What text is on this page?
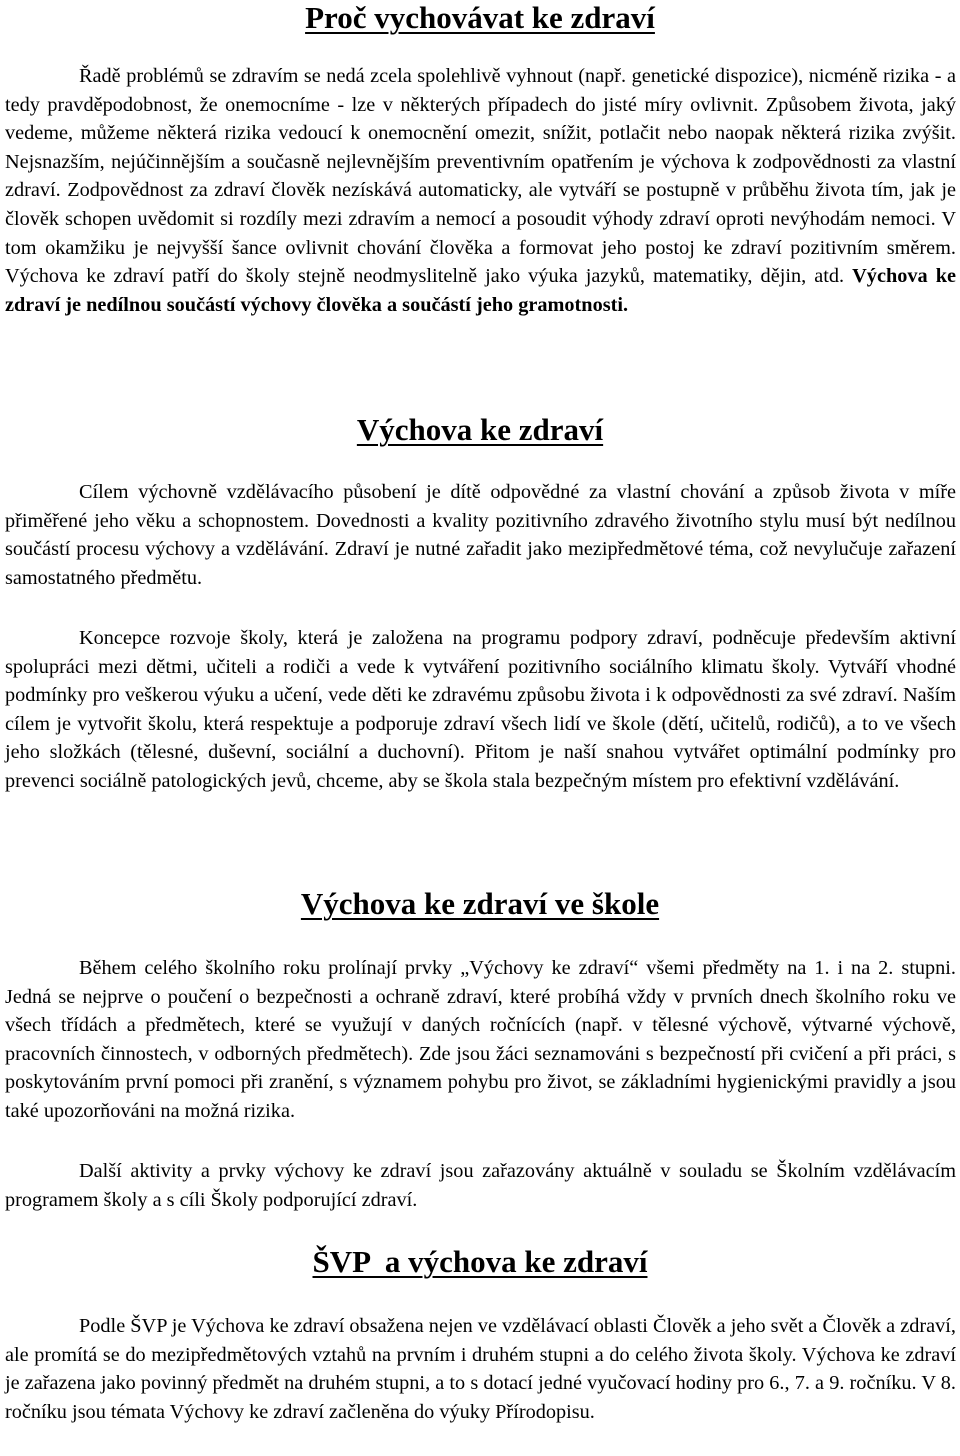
Proč vychovávat ke zdraví

Řadě problémů se zdravím se nedá zcela spolehlivě vyhnout (např. genetické dispozice), nicméně rizika - a tedy pravděpodobnost, že onemocníme - lze v některých případech do jisté míry ovlivnit. Způsobem života, jaký vedeme, můžeme některá rizika vedoucí k onemocnění omezit, snížit, potlačit nebo naopak některá rizika zvýšit. Nejsnazším, nejúčinnějším a současně nejlevnějším preventivním opatřením je výchova k zodpovědnosti za vlastní zdraví. Zodpovědnost za zdraví člověk nezískává automaticky, ale vytváří se postupně v průběhu života tím, jak je člověk schopen uvědomit si rozdíly mezi zdravím a nemocí a posoudit výhody zdraví oproti nevýhodám nemoci. V tom okamžiku je nejvyšší šance ovlivnit chování člověka a formovat jeho postoj ke zdraví pozitivním směrem. Výchova ke zdraví patří do školy stejně neodmyslitelně jako výuka jazyků, matematiky, dějin, atd. Výchova ke zdraví je nedílnou součástí výchovy člověka a součástí jeho gramotnosti.

Výchova ke zdraví

Cílem výchovně vzdělávacího působení je dítě odpovědné za vlastní chování a způsob života v míře přiměřené jeho věku a schopnostem. Dovednosti a kvality pozitivního zdravého životního stylu musí být nedílnou součástí procesu výchovy a vzdělávání. Zdraví je nutné zařadit jako mezipředmětové téma, což nevylučuje zařazení samostatného předmětu.

Koncepce rozvoje školy, která je založena na programu podpory zdraví, podněcuje především aktivní spolupráci mezi dětmi, učiteli a rodiči a vede k vytváření pozitivního sociálního klimatu školy. Vytváří vhodné podmínky pro veškerou výuku a učení, vede děti ke zdravému způsobu života i k odpovědnosti za své zdraví. Naším cílem je vytvořit školu, která respektuje a podporuje zdraví všech lidí ve škole (dětí, učitelů, rodičů), a to ve všech jeho složkách (tělesné, duševní, sociální a duchovní). Přitom je naší snahou vytvářet optimální podmínky pro prevenci sociálně patologických jevů, chceme, aby se škola stala bezpečným místem pro efektivní vzdělávání.

Výchova ke zdraví ve škole

Během celého školního roku prolínají prvky „Výchovy ke zdraví“ všemi předměty na 1. i na 2. stupni. Jedná se nejprve o poučení o bezpečnosti a ochraně zdraví, které probíhá vždy v prvních dnech školního roku ve všech třídách a předmětech, které se využují v daných ročnících (např. v tělesné výchově, výtvarné výchově, pracovních činnostech, v odborných předmětech). Zde jsou žáci seznamováni s bezpečností při cvičení a při práci, s poskytováním první pomoci při zranění, s významem pohybu pro život, se základními hygienickými pravidly a jsou také upozorňováni na možná rizika.

Další aktivity a prvky výchovy ke zdraví jsou zařazovány aktuálně v souladu se Školním vzdělávacím programem školy a s cíli Školy podporující zdraví.

ŠVP  a výchova ke zdraví

Podle ŠVP je Výchova ke zdraví obsažena nejen ve vzdělávací oblasti Člověk a jeho svět a Člověk a zdraví, ale promítá se do mezipředmětových vztahů na prvním i druhém stupni a do celého života školy. Výchova ke zdraví je zařazena jako povinný předmět na druhém stupni, a to s dotací jedné vyučovací hodiny pro 6., 7. a 9. ročníku. V 8. ročníku jsou témata Výchovy ke zdraví začleněna do výuky Přírodopisu.
